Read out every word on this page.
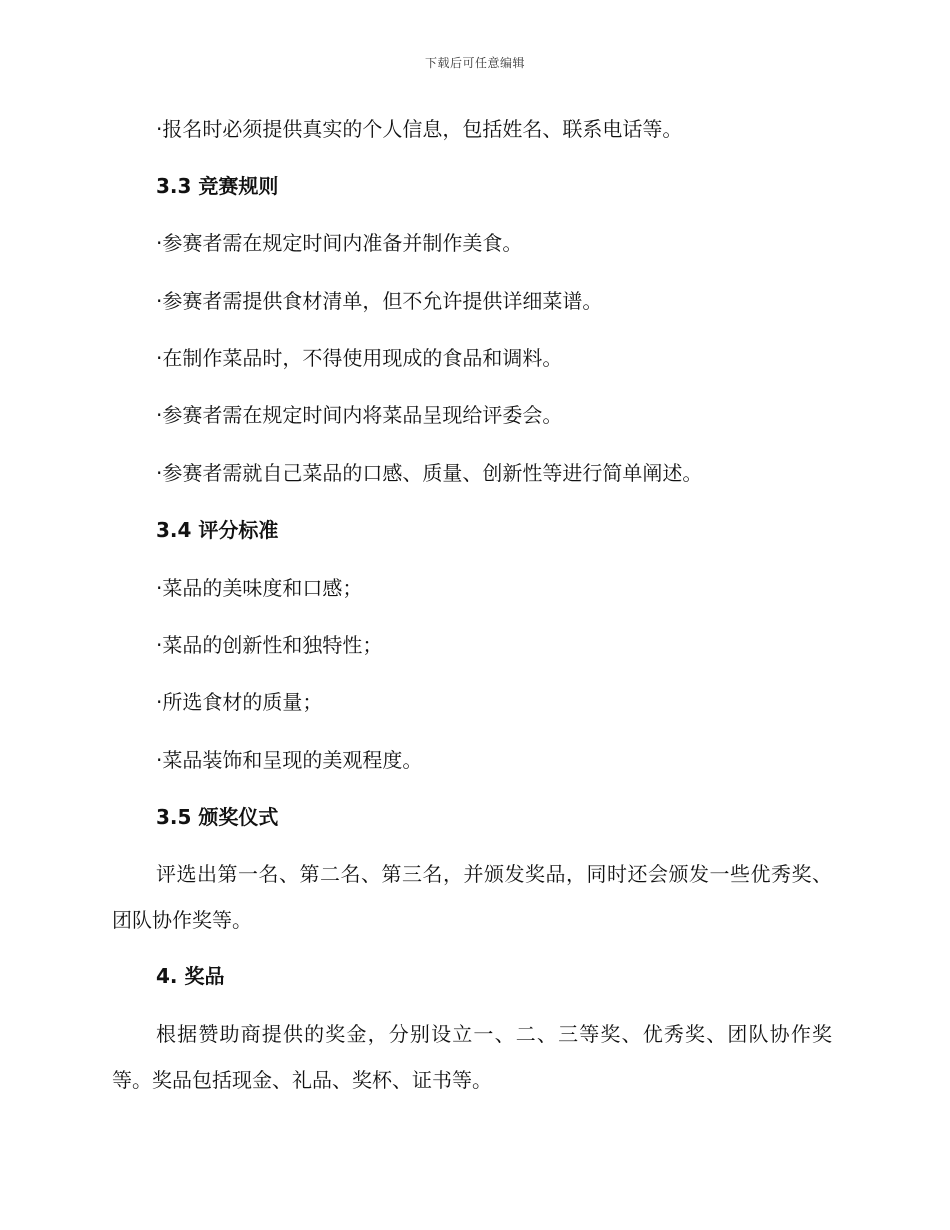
下载后可任意编辑
·报名时必须提供真实的个人信息，包括姓名、联系电话等。
3.3 竞赛规则
·参赛者需在规定时间内准备并制作美食。
·参赛者需提供食材清单，但不允许提供详细菜谱。
·在制作菜品时，不得使用现成的食品和调料。
·参赛者需在规定时间内将菜品呈现给评委会。
·参赛者需就自己菜品的口感、质量、创新性等进行简单阐述。
3.4 评分标准
·菜品的美味度和口感；
·菜品的创新性和独特性；
·所选食材的质量；
·菜品装饰和呈现的美观程度。
3.5 颁奖仪式
评选出第一名、第二名、第三名，并颁发奖品，同时还会颁发一些优秀奖、团队协作奖等。
4. 奖品
根据赞助商提供的奖金，分别设立一、二、三等奖、优秀奖、团队协作奖等。奖品包括现金、礼品、奖杯、证书等。
